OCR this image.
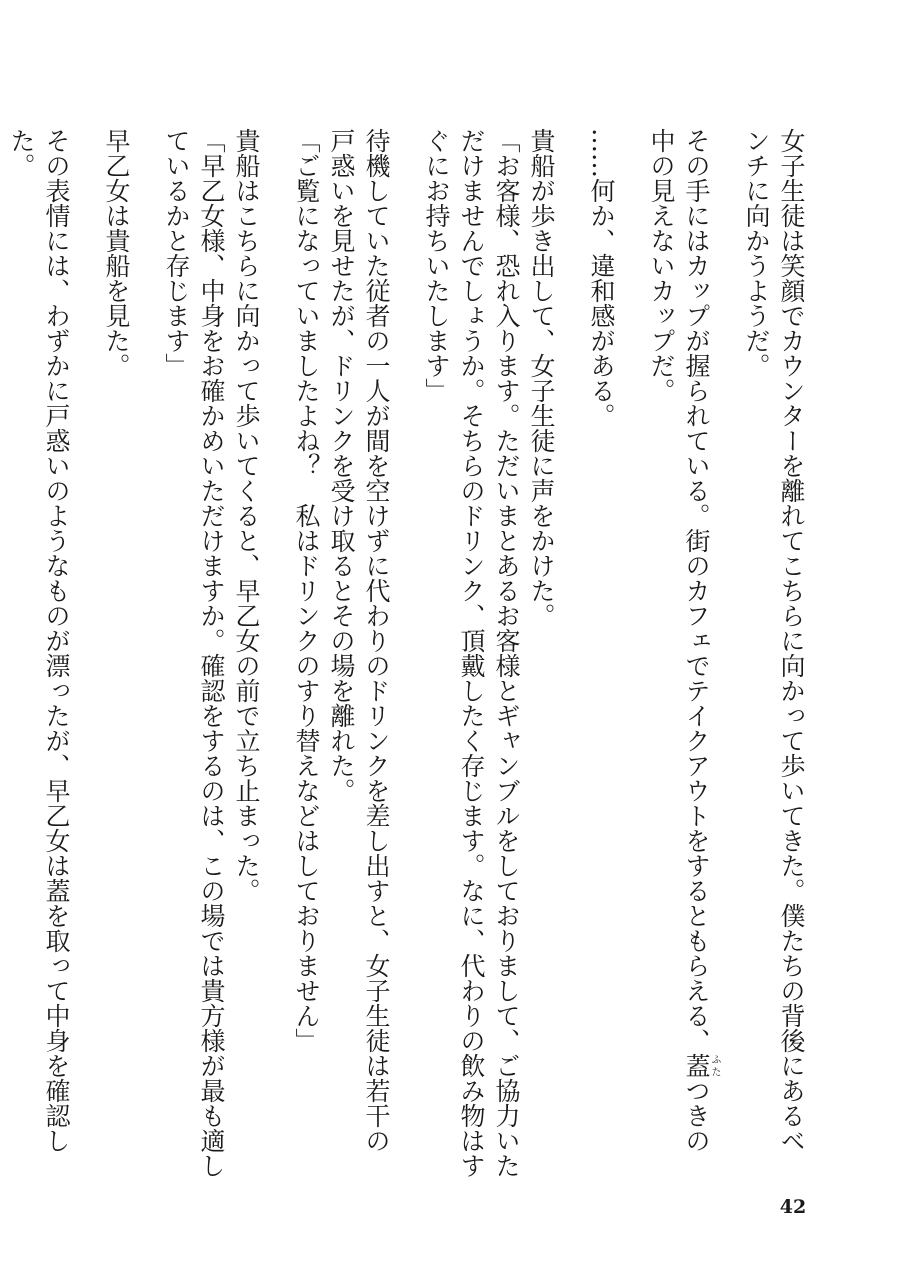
女子生徒は笑顔でカウンターを離れてこちらに向かって歩いてきた。僕たちの背後にあるベ
ンチに向かうようだ。
その手にはカップが握られている。街のカフェでテイクアウトをするともらえる、蓋ふたつきの
中の見えないカップだ。
……何か、違和感がある。
貴船が歩き出して、女子生徒に声をかけた。
「お客様、恐れ入ります。ただいまとあるお客様とギャンブルをしておりまして、ご協力いた
だけませんでしょうか。そちらのドリンク、頂戴したく存じます。なに、代わりの飲み物はす
ぐにお持ちいたします」
待機していた従者の一人が間を空けずに代わりのドリンクを差し出すと、女子生徒は若干の
戸惑いを見せたが、ドリンクを受け取るとその場を離れた。
「ご覧になっていましたよね？　私はドリンクのすり替えなどはしておりません」
貴船はこちらに向かって歩いてくると、早乙女の前で立ち止まった。
「早乙女様、中身をお確かめいただけますか。確認をするのは、この場では貴方様が最も適し
ているかと存じます」
早乙女は貴船を見た。
その表情には、わずかに戸惑いのようなものが漂ったが、早乙女は蓋を取って中身を確認し
た。
42
